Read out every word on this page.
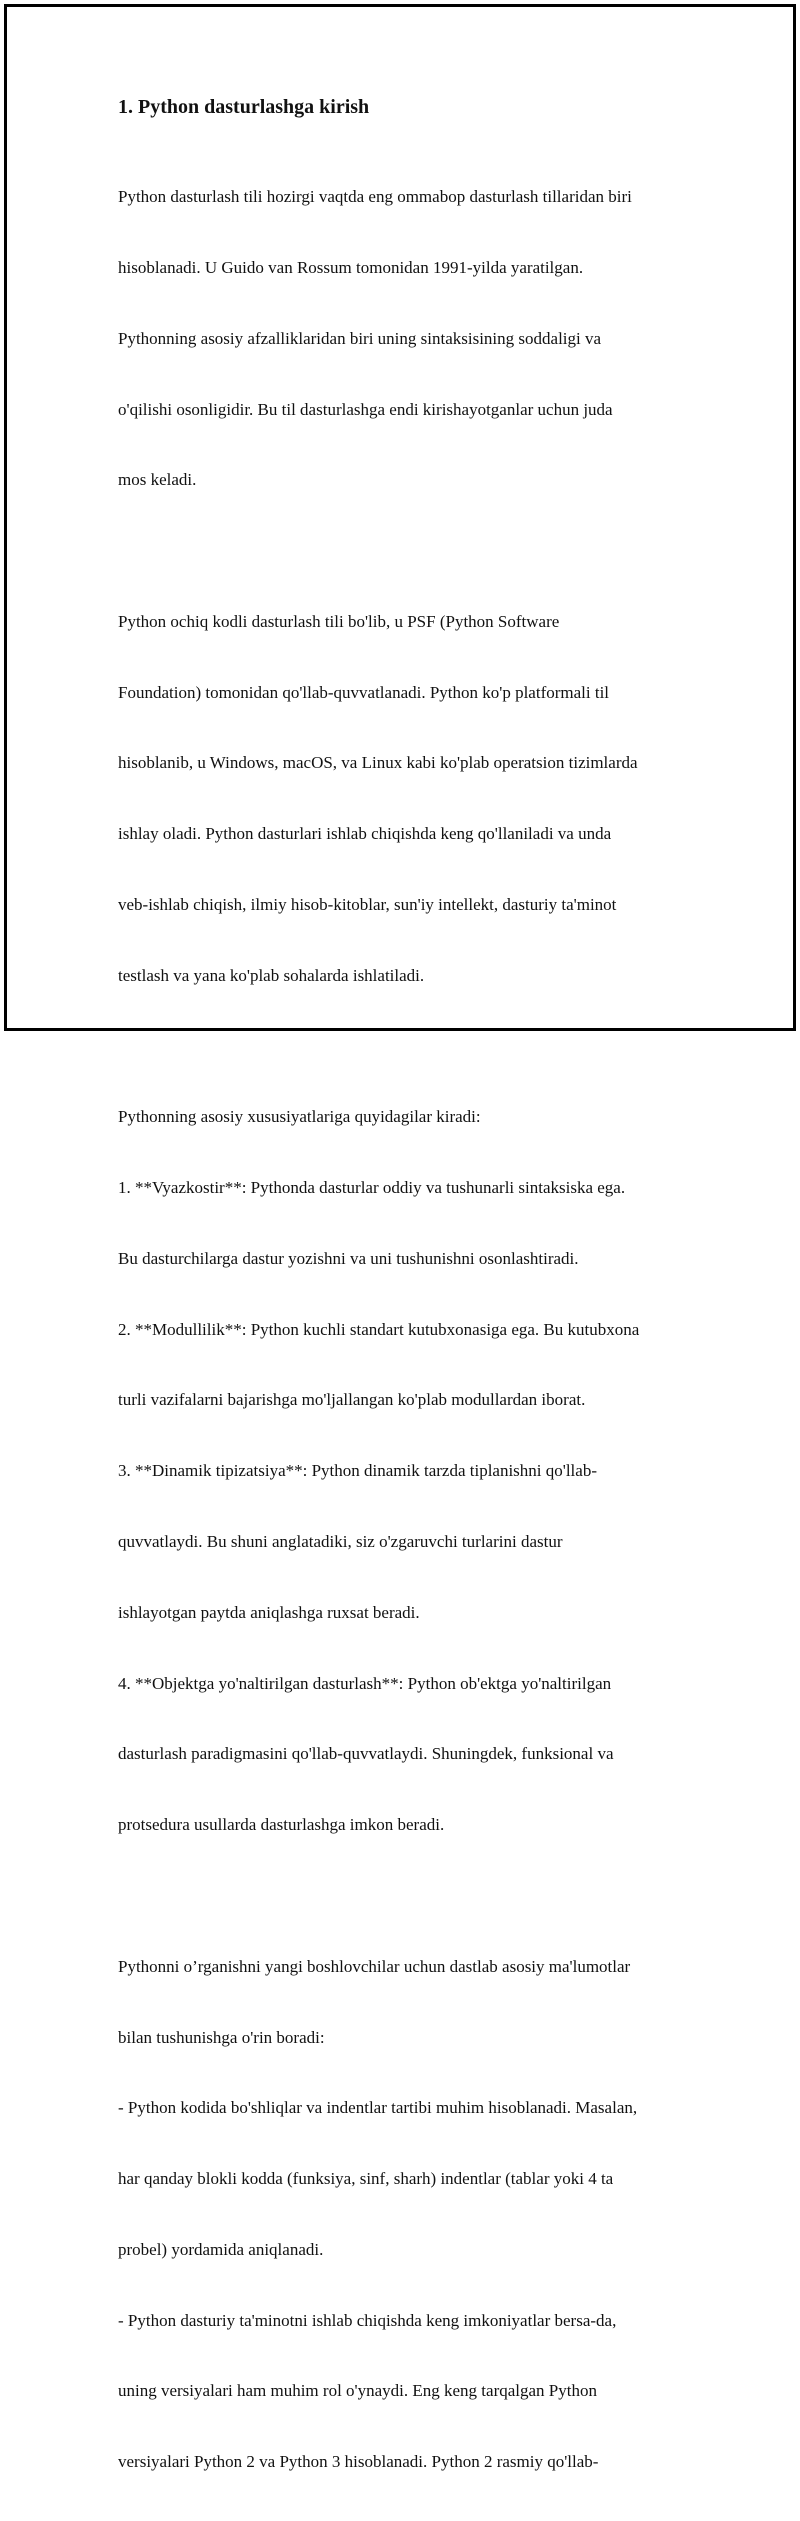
1. Python dasturlashga kirish

Python dasturlash tili hozirgi vaqtda eng ommabop dasturlash tillaridan biri

hisoblanadi. U Guido van Rossum tomonidan 1991-yilda yaratilgan.

Pythonning asosiy afzalliklaridan biri uning sintaksisining soddaligi va

o'qilishi osonligidir. Bu til dasturlashga endi kirishayotganlar uchun juda

mos keladi.

Python ochiq kodli dasturlash tili bo'lib, u PSF (Python Software

Foundation) tomonidan qo'llab-quvvatlanadi. Python ko'p platformali til

hisoblanib, u Windows, macOS, va Linux kabi ko'plab operatsion tizimlarda

ishlay oladi. Python dasturlari ishlab chiqishda keng qo'llaniladi va unda

veb-ishlab chiqish, ilmiy hisob-kitoblar, sun'iy intellekt, dasturiy ta'minot

testlash va yana ko'plab sohalarda ishlatiladi.

Pythonning asosiy xususiyatlariga quyidagilar kiradi:

1. **Vyazkostir**: Pythonda dasturlar oddiy va tushunarli sintaksiska ega.

Bu dasturchilarga dastur yozishni va uni tushunishni osonlashtiradi.

2. **Modullilik**: Python kuchli standart kutubxonasiga ega. Bu kutubxona

turli vazifalarni bajarishga mo'ljallangan ko'plab modullardan iborat.

3. **Dinamik tipizatsiya**: Python dinamik tarzda tiplanishni qo'llab-

quvvatlaydi. Bu shuni anglatadiki, siz o'zgaruvchi turlarini dastur

ishlayotgan paytda aniqlashga ruxsat beradi.

4. **Objektga yo'naltirilgan dasturlash**: Python ob'ektga yo'naltirilgan

dasturlash paradigmasini qo'llab-quvvatlaydi. Shuningdek, funksional va

protsedura usullarda dasturlashga imkon beradi.

Pythonni o’rganishni yangi boshlovchilar uchun dastlab asosiy ma'lumotlar

bilan tushunishga o'rin boradi:

- Python kodida bo'shliqlar va indentlar tartibi muhim hisoblanadi. Masalan,

har qanday blokli kodda (funksiya, sinf, sharh) indentlar (tablar yoki 4 ta

probel) yordamida aniqlanadi.

- Python dasturiy ta'minotni ishlab chiqishda keng imkoniyatlar bersa-da,

uning versiyalari ham muhim rol o'ynaydi. Eng keng tarqalgan Python

versiyalari Python 2 va Python 3 hisoblanadi. Python 2 rasmiy qo'llab-
